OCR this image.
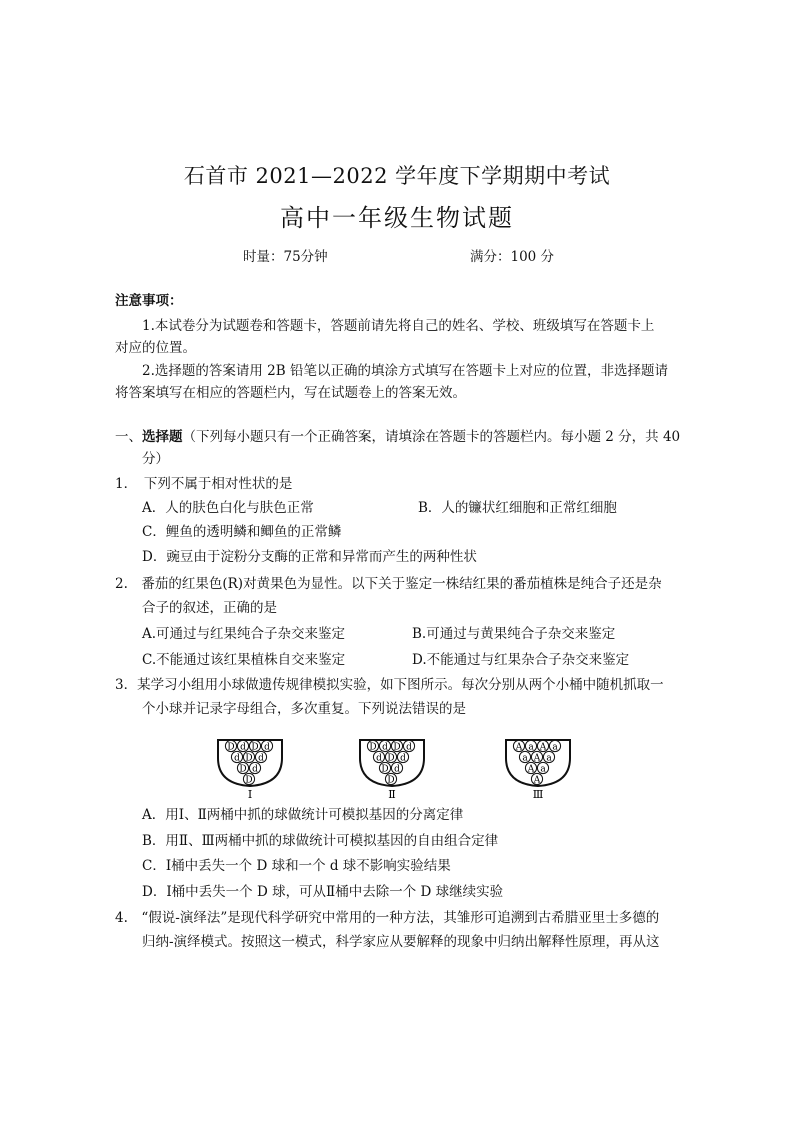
石首市 2021—2022 学年度下学期期中考试
高中一年级生物试题
时量：75分钟	满分：100 分
注意事项：
1.本试卷分为试题卷和答题卡，答题前请先将自己的姓名、学校、班级填写在答题卡上
对应的位置。
2.选择题的答案请用 2B 铅笔以正确的填涂方式填写在答题卡上对应的位置，非选择题请
将答案填写在相应的答题栏内，写在试题卷上的答案无效。
一、选择题（下列每小题只有一个正确答案，请填涂在答题卡的答题栏内。每小题 2 分，共 40
分）
1．　下列不属于相对性状的是
A．人的肤色白化与肤色正常	B．人的镰状红细胞和正常红细胞
C．鲤鱼的透明鳞和鲫鱼的正常鳞
D．豌豆由于淀粉分支酶的正常和异常而产生的两种性状
2.　番茄的红果色(R)对黄果色为显性。以下关于鉴定一株结红果的番茄植株是纯合子还是杂
合子的叙述，正确的是
A.可通过与红果纯合子杂交来鉴定	B.可通过与黄果纯合子杂交来鉴定
C.不能通过该红果植株自交来鉴定	D.不能通过与红果杂合子杂交来鉴定
3．某学习小组用小球做遗传规律模拟实验，如下图所示。每次分别从两个小桶中随机抓取一
个小球并记录字母组合，多次重复。下列说法错误的是
D d D d
d D d
D d
D
Ⅰ
D d D d
d D d
D d
D
Ⅱ
A a A a
a A a
A a
A
Ⅲ
A．用Ⅰ、Ⅱ两桶中抓的球做统计可模拟基因的分离定律
B．用Ⅱ、Ⅲ两桶中抓的球做统计可模拟基因的自由组合定律
C．Ⅰ桶中丢失一个 D 球和一个 d 球不影响实验结果
D．Ⅰ桶中丢失一个 D 球，可从Ⅱ桶中去除一个 D 球继续实验
4.　“假说-演绎法”是现代科学研究中常用的一种方法，其雏形可追溯到古希腊亚里士多德的
归纳-演绎模式。按照这一模式，科学家应从要解释的现象中归纳出解释性原理，再从这
